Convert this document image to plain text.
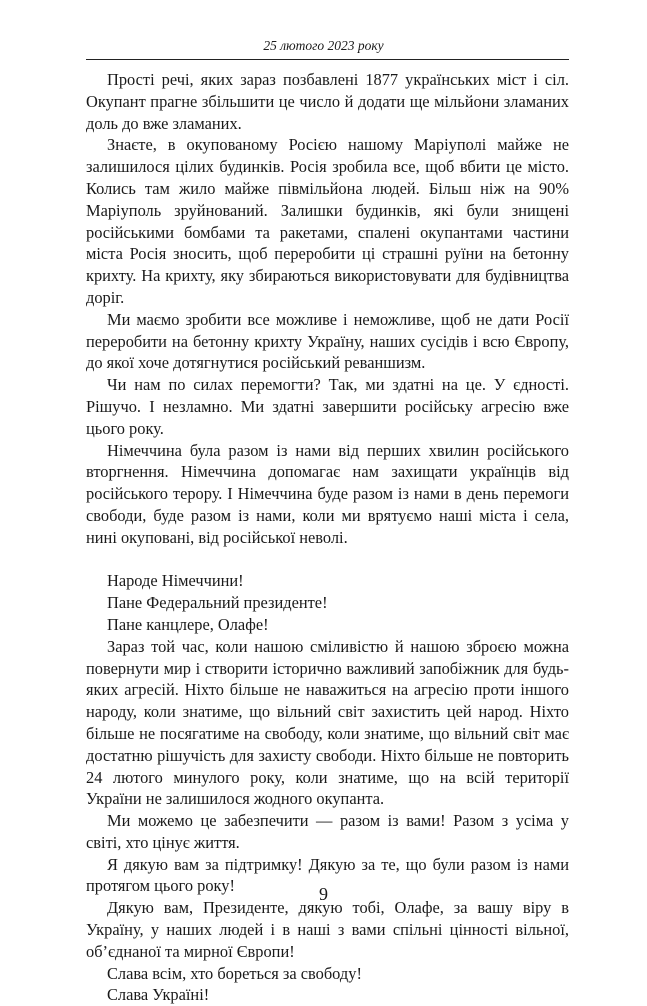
25 лютого 2023 року

Прості речі, яких зараз позбавлені 1877 українських міст і сіл. Окупант прагне збільшити це число й додати ще мільйони зламаних доль до вже зламаних.

Знаєте, в окупованому Росією нашому Маріуполі майже не залишилося цілих будинків. Росія зробила все, щоб вбити це місто. Колись там жило майже півмільйона людей. Більш ніж на 90% Маріуполь зруйнований. Залишки будинків, які були знищені російськими бомбами та ракетами, спалені окупантами частини міста Росія зносить, щоб переробити ці страшні руїни на бетонну крихту. На крихту, яку збираються використовувати для будівництва доріг.

Ми маємо зробити все можливе і неможливе, щоб не дати Росії переробити на бетонну крихту Україну, наших сусідів і всю Європу, до якої хоче дотягнутися російський реваншизм.

Чи нам по силах перемогти? Так, ми здатні на це. У єдності. Рішучо. І незламно. Ми здатні завершити російську агресію вже цього року.

Німеччина була разом із нами від перших хвилин російського вторгнення. Німеччина допомагає нам захищати українців від російського терору. І Німеччина буде разом із нами в день перемоги свободи, буде разом із нами, коли ми врятуємо наші міста і села, нині окуповані, від російської неволі.

Народе Німеччини!

Пане Федеральний президенте!

Пане канцлере, Олафе!

Зараз той час, коли нашою сміливістю й нашою зброєю можна повернути мир і створити історично важливий запобіжник для будь-яких агресій. Ніхто більше не наважиться на агресію проти іншого народу, коли знатиме, що вільний світ захистить цей народ. Ніхто більше не посягатиме на свободу, коли знатиме, що вільний світ має достатню рішучість для захисту свободи. Ніхто більше не повторить 24 лютого минулого року, коли знатиме, що на всій території України не залишилося жодного окупанта.

Ми можемо це забезпечити — разом із вами! Разом з усіма у світі, хто цінує життя.

Я дякую вам за підтримку! Дякую за те, що були разом із нами протягом цього року!

Дякую вам, Президенте, дякую тобі, Олафе, за вашу віру в Україну, у наших людей і в наші з вами спільні цінності вільної, об’єднаної та мирної Європи!

Слава всім, хто бореться за свободу!

Слава Україні!

9
